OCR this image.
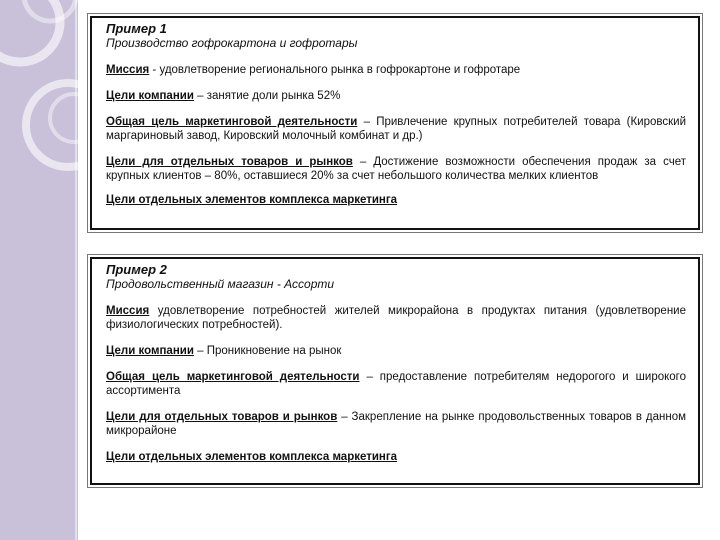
Пример 1
Производство гофрокартона и гофротары
Миссия - удовлетворение регионального рынка в гофрокартоне и гофротаре
Цели компании – занятие доли рынка 52%
Общая цель маркетинговой деятельности – Привлечение крупных потребителей товара (Кировский маргариновый завод, Кировский молочный комбинат и др.)
Цели для отдельных товаров и рынков – Достижение возможности обеспечения продаж за счет крупных клиентов – 80%, оставшиеся 20% за счет небольшого количества мелких клиентов
Цели отдельных элементов комплекса маркетинга
Пример 2
Продовольственный магазин - Ассорти
Миссия удовлетворение потребностей жителей микрорайона в продуктах питания (удовлетворение физиологических потребностей).
Цели компании – Проникновение на рынок
Общая цель маркетинговой деятельности – предоставление потребителям недорогого и широкого ассортимента
Цели для отдельных товаров и рынков – Закрепление на рынке продовольственных товаров в данном микрорайоне
Цели отдельных элементов комплекса маркетинга
